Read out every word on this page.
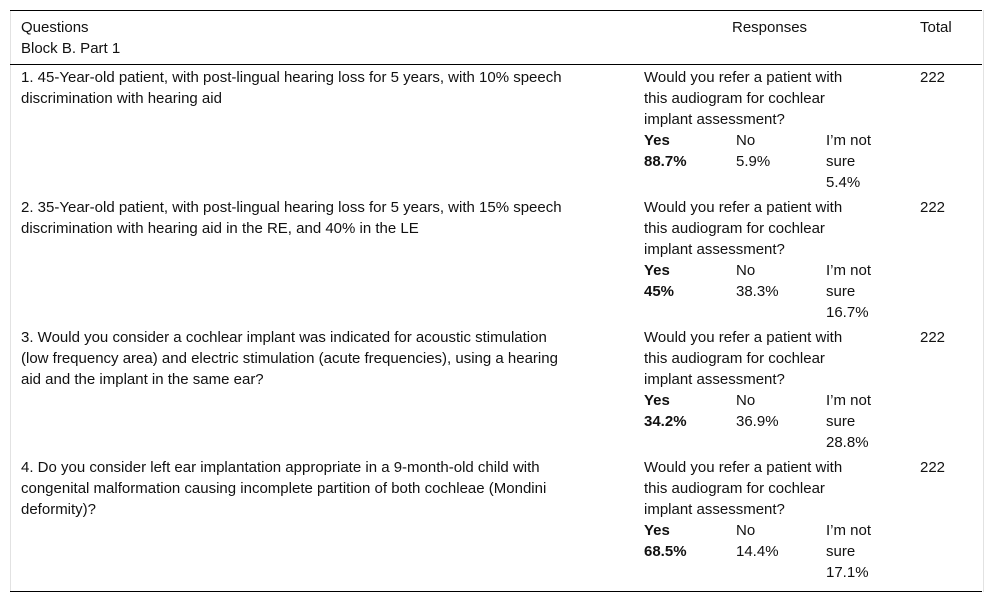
Questions
Block B. Part 1
Responses	Total
1. 45-Year-old patient, with post-lingual hearing loss for 5 years, with 10% speech
discrimination with hearing aid
Would you refer a patient with
this audiogram for cochlear
implant assessment?
Yes
88.7%
No
5.9%
I’m not
sure
5.4%
222
2. 35-Year-old patient, with post-lingual hearing loss for 5 years, with 15% speech
discrimination with hearing aid in the RE, and 40% in the LE
Would you refer a patient with
this audiogram for cochlear
implant assessment?
Yes
45%
No
38.3%
I’m not
sure
16.7%
222
3. Would you consider a cochlear implant was indicated for acoustic stimulation
(low frequency area) and electric stimulation (acute frequencies), using a hearing
aid and the implant in the same ear?
Would you refer a patient with
this audiogram for cochlear
implant assessment?
Yes
34.2%
No
36.9%
I’m not
sure
28.8%
222
4. Do you consider left ear implantation appropriate in a 9-month-old child with
congenital malformation causing incomplete partition of both cochleae (Mondini
deformity)?
Would you refer a patient with
this audiogram for cochlear
implant assessment?
Yes
68.5%
No
14.4%
I’m not
sure
17.1%
222
